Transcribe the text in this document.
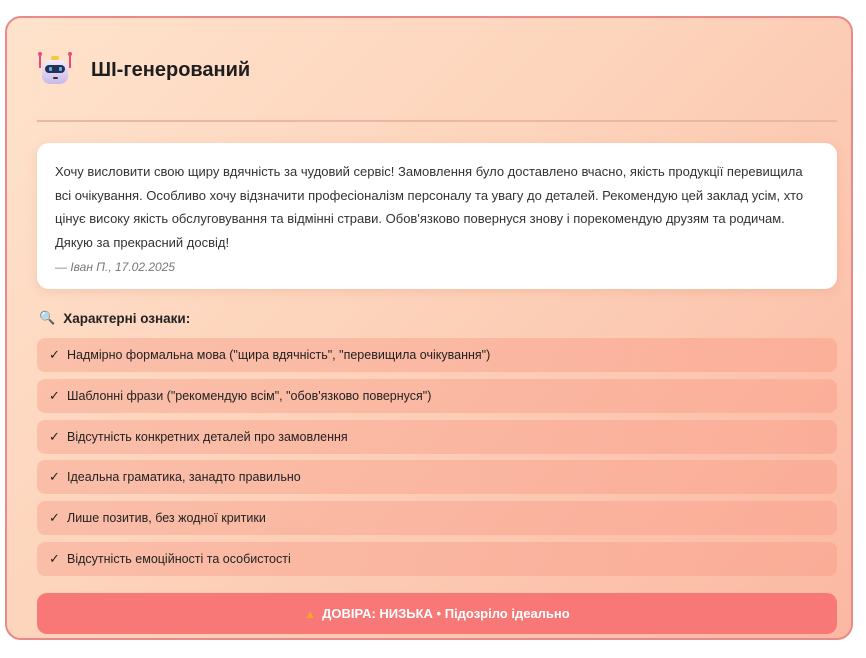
ШІ-генерований

Хочу висловити свою щиру вдячність за чудовий сервіс! Замовлення було доставлено вчасно, якість продукції перевищила всі очікування. Особливо хочу відзначити професіоналізм персоналу та увагу до деталей. Рекомендую цей заклад усім, хто цінує високу якість обслуговування та відмінні страви. Обов'язково повернуся знову і порекомендую друзям та родичам. Дякую за прекрасний досвід!

— Іван П., 17.02.2025
🔍 Характерні ознаки:
✓ Надмірно формальна мова ("щира вдячність", "перевищила очікування")
✓ Шаблонні фрази ("рекомендую всім", "обов'язково повернуся")
✓ Відсутність конкретних деталей про замовлення
✓ Ідеальна граматика, занадто правильно
✓ Лише позитив, без жодної критики
✓ Відсутність емоційності та особистості
▲ ДОВІРА: НИЗЬКА • Підозріло ідеально
